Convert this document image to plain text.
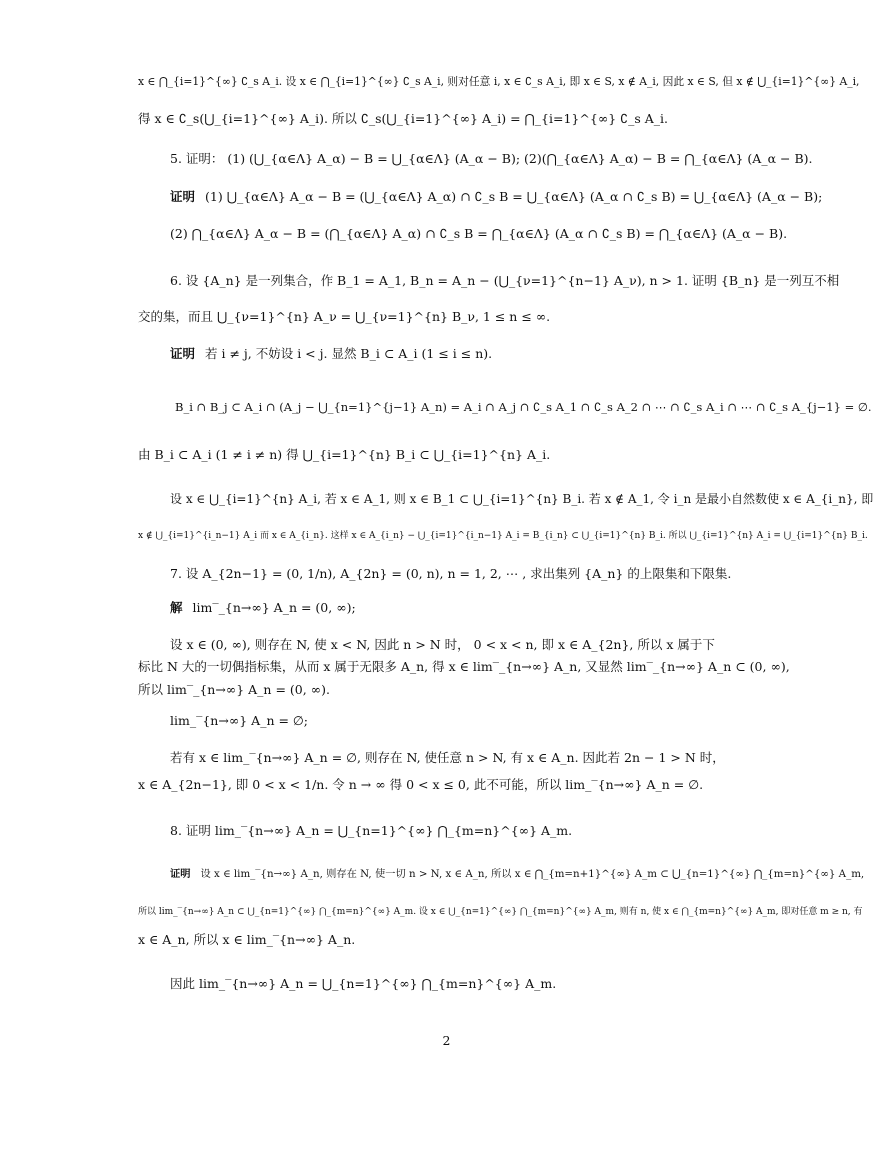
x ∈ ⋂_{i=1}^{∞} ∁_s A_i. 设 x ∈ ⋂_{i=1}^{∞} ∁_s A_i, 则对任意 i, x ∈ ∁_s A_i, 即 x ∈ S, x ∉ A_i, 因此 x ∈ S, 但 x ∉ ⋃_{i=1}^{∞} A_i,
得 x ∈ ∁_s(⋃_{i=1}^{∞} A_i). 所以 ∁_s(⋃_{i=1}^{∞} A_i) = ⋂_{i=1}^{∞} ∁_s A_i.
5. 证明： (1) (⋃_{α∈Λ} A_α) − B = ⋃_{α∈Λ} (A_α − B); (2)(⋂_{α∈Λ} A_α) − B = ⋂_{α∈Λ} (A_α − B).
证明 (1) ⋃_{α∈Λ} A_α − B = (⋃_{α∈Λ} A_α) ∩ ∁_s B = ⋃_{α∈Λ} (A_α ∩ ∁_s B) = ⋃_{α∈Λ} (A_α − B);
(2) ⋂_{α∈Λ} A_α − B = (⋂_{α∈Λ} A_α) ∩ ∁_s B = ⋂_{α∈Λ} (A_α ∩ ∁_s B) = ⋂_{α∈Λ} (A_α − B).
6. 设 {A_n} 是一列集合，作 B_1 = A_1, B_n = A_n − (⋃_{ν=1}^{n−1} A_ν), n > 1. 证明 {B_n} 是一列互不相
交的集，而且 ⋃_{ν=1}^{n} A_ν = ⋃_{ν=1}^{n} B_ν, 1 ≤ n ≤ ∞.
证明 若 i ≠ j, 不妨设 i < j. 显然 B_i ⊂ A_i (1 ≤ i ≤ n).
B_i ∩ B_j ⊂ A_i ∩ (A_j − ⋃_{n=1}^{j−1} A_n) = A_i ∩ A_j ∩ ∁_s A_1 ∩ ∁_s A_2 ∩ ⋯ ∩ ∁_s A_i ∩ ⋯ ∩ ∁_s A_{j−1} = ∅.
由 B_i ⊂ A_i (1 ≠ i ≠ n) 得 ⋃_{i=1}^{n} B_i ⊂ ⋃_{i=1}^{n} A_i.
设 x ∈ ⋃_{i=1}^{n} A_i, 若 x ∈ A_1, 则 x ∈ B_1 ⊂ ⋃_{i=1}^{n} B_i. 若 x ∉ A_1, 令 i_n 是最小自然数使 x ∈ A_{i_n}, 即
x ∉ ⋃_{i=1}^{i_n−1} A_i 而 x ∈ A_{i_n}. 这样 x ∈ A_{i_n} − ⋃_{i=1}^{i_n−1} A_i = B_{i_n} ⊂ ⋃_{i=1}^{n} B_i. 所以 ⋃_{i=1}^{n} A_i = ⋃_{i=1}^{n} B_i.
7. 设 A_{2n−1} = (0, 1/n), A_{2n} = (0, n), n = 1, 2, ⋯ , 求出集列 {A_n} 的上限集和下限集.
解 lim‾_{n→∞} A_n = (0, ∞);
设 x ∈ (0, ∞), 则存在 N, 使 x < N, 因此 n > N 时， 0 < x < n, 即 x ∈ A_{2n}, 所以 x 属于下
标比 N 大的一切偶指标集，从而 x 属于无限多 A_n, 得 x ∈ lim‾_{n→∞} A_n, 又显然 lim‾_{n→∞} A_n ⊂ (0, ∞),
所以 lim‾_{n→∞} A_n = (0, ∞).
lim_‾{n→∞} A_n = ∅;
若有 x ∈ lim_‾{n→∞} A_n = ∅, 则存在 N, 使任意 n > N, 有 x ∈ A_n. 因此若 2n − 1 > N 时，
x ∈ A_{2n−1}, 即 0 < x < 1/n. 令 n → ∞ 得 0 < x ≤ 0, 此不可能，所以 lim_‾{n→∞} A_n = ∅.
8. 证明 lim_‾{n→∞} A_n = ⋃_{n=1}^{∞} ⋂_{m=n}^{∞} A_m.
证明 设 x ∈ lim_‾{n→∞} A_n, 则存在 N, 使一切 n > N, x ∈ A_n, 所以 x ∈ ⋂_{m=n+1}^{∞} A_m ⊂ ⋃_{n=1}^{∞} ⋂_{m=n}^{∞} A_m,
所以 lim_‾{n→∞} A_n ⊂ ⋃_{n=1}^{∞} ⋂_{m=n}^{∞} A_m. 设 x ∈ ⋃_{n=1}^{∞} ⋂_{m=n}^{∞} A_m, 则有 n, 使 x ∈ ⋂_{m=n}^{∞} A_m, 即对任意 m ≥ n, 有
x ∈ A_n, 所以 x ∈ lim_‾{n→∞} A_n.
因此 lim_‾{n→∞} A_n = ⋃_{n=1}^{∞} ⋂_{m=n}^{∞} A_m.
2
